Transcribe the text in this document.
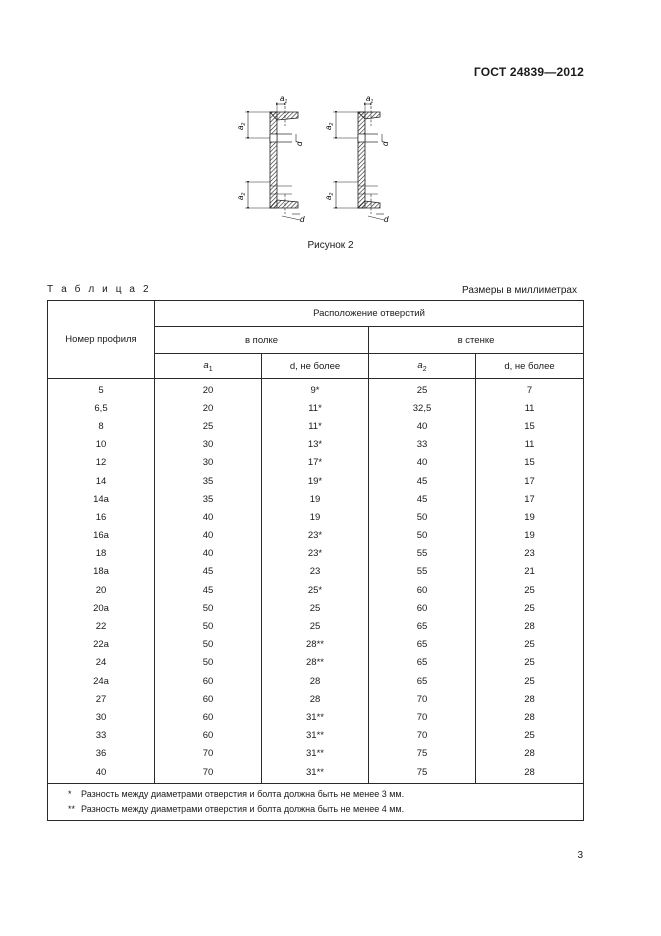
ГОСТ 24839—2012
$a_1$
$a_2$
$a_2$
d
d
$a_1$
$a_2$
$a_2$
d
d
Рисунок 2
Т а б л и ц а 2	Размеры в миллиметрах
Номер профиля	Расположение отверстий			
	в полке		в стенке	
	$a_1$	d, не более	$a_2$	d, не более
5	20	9*	25	7
6,5	20	11*	32,5	11
8	25	11*	40	15
10	30	13*	33	11
12	30	17*	40	15
14	35	19*	45	17
14a	35	19	45	17
16	40	19	50	19
16a	40	23*	50	19
18	40	23*	55	23
18a	45	23	55	21
20	45	25*	60	25
20a	50	25	60	25
22	50	25	65	28
22a	50	28**	65	25
24	50	28**	65	25
24a	60	28	65	25
27	60	28	70	28
30	60	31**	70	28
33	60	31**	70	25
36	70	31**	75	28
40	70	31**	75	28

* Разность между диаметрами отверстия и болта должна быть не менее 3 мм.
** Разность между диаметрами отверстия и болта должна быть не менее 4 мм.				
3
